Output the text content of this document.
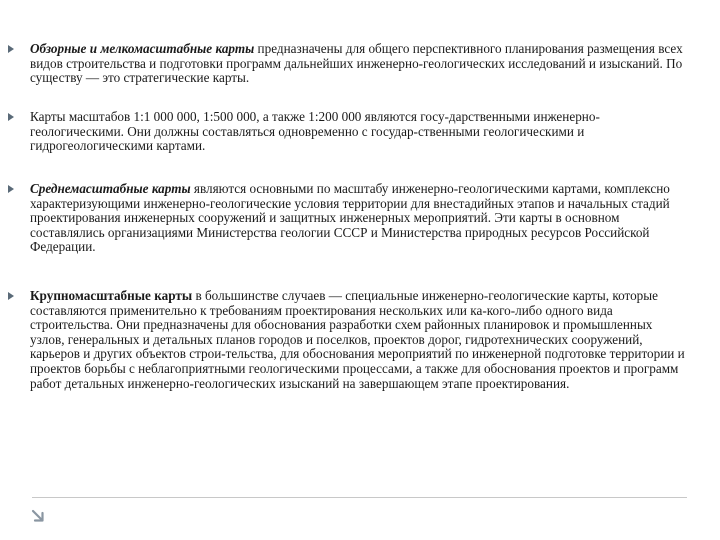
Обзорные и мелкомасштабные карты предназначены для общего перспективного планирования размещения всех видов строительства и подготовки программ дальнейших инженерно-геологических исследований и изысканий. По существу — это стратегические карты.
Карты масштабов 1:1 000 000, 1:500 000, а также 1:200 000 являются госу-дарственными инженерно-геологическими. Они должны составляться одновременно с государ-ственными геологическими и гидрогеологическими картами.
Среднемасштабные карты являются основными по масштабу инженерно-геологическими картами, комплексно характеризующими инженерно-геологические условия территории для внестадийных этапов и начальных стадий проектирования инженерных сооружений и защитных инженерных мероприятий. Эти карты в основном составлялись организациями Министерства геологии СССР и Министерства природных ресурсов Российской Федерации.
Крупномасштабные карты в большинстве случаев — специальные инженерно-геологические карты, которые составляются применительно к требованиям проектирования нескольких или ка-кого-либо одного вида строительства. Они предназначены для обоснования разработки схем районных планировок и промышленных узлов, генеральных и детальных планов городов и поселков, проектов дорог, гидротехнических сооружений, карьеров и других объектов строи-тельства, для обоснования мероприятий по инженерной подготовке территории и проектов борьбы с неблагоприятными геологическими процессами, а также для обоснования проектов и программ работ детальных инженерно-геологических изысканий на завершающем этапе проектирования.
